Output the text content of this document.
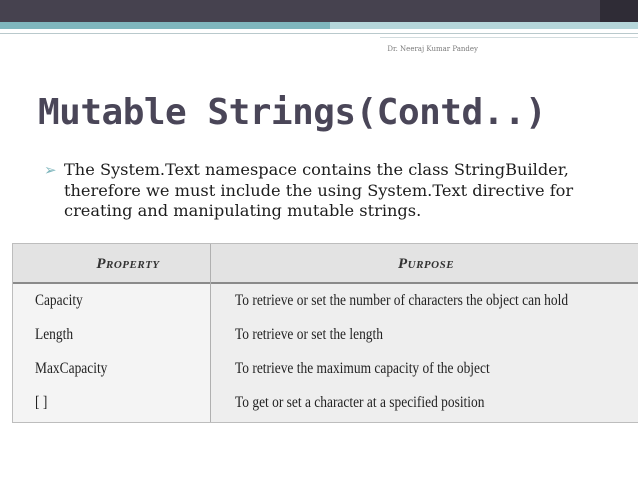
Dr. Neeraj Kumar Pandey
Mutable Strings(Contd..)
➢ The System.Text namespace contains the class StringBuilder, therefore we must include the using System.Text directive for creating and manipulating mutable strings.
Property	Purpose
Capacity	To retrieve or set the number of characters the object can hold
Length	To retrieve or set the length
MaxCapacity	To retrieve the maximum capacity of the object
[ ]	To get or set a character at a specified position
